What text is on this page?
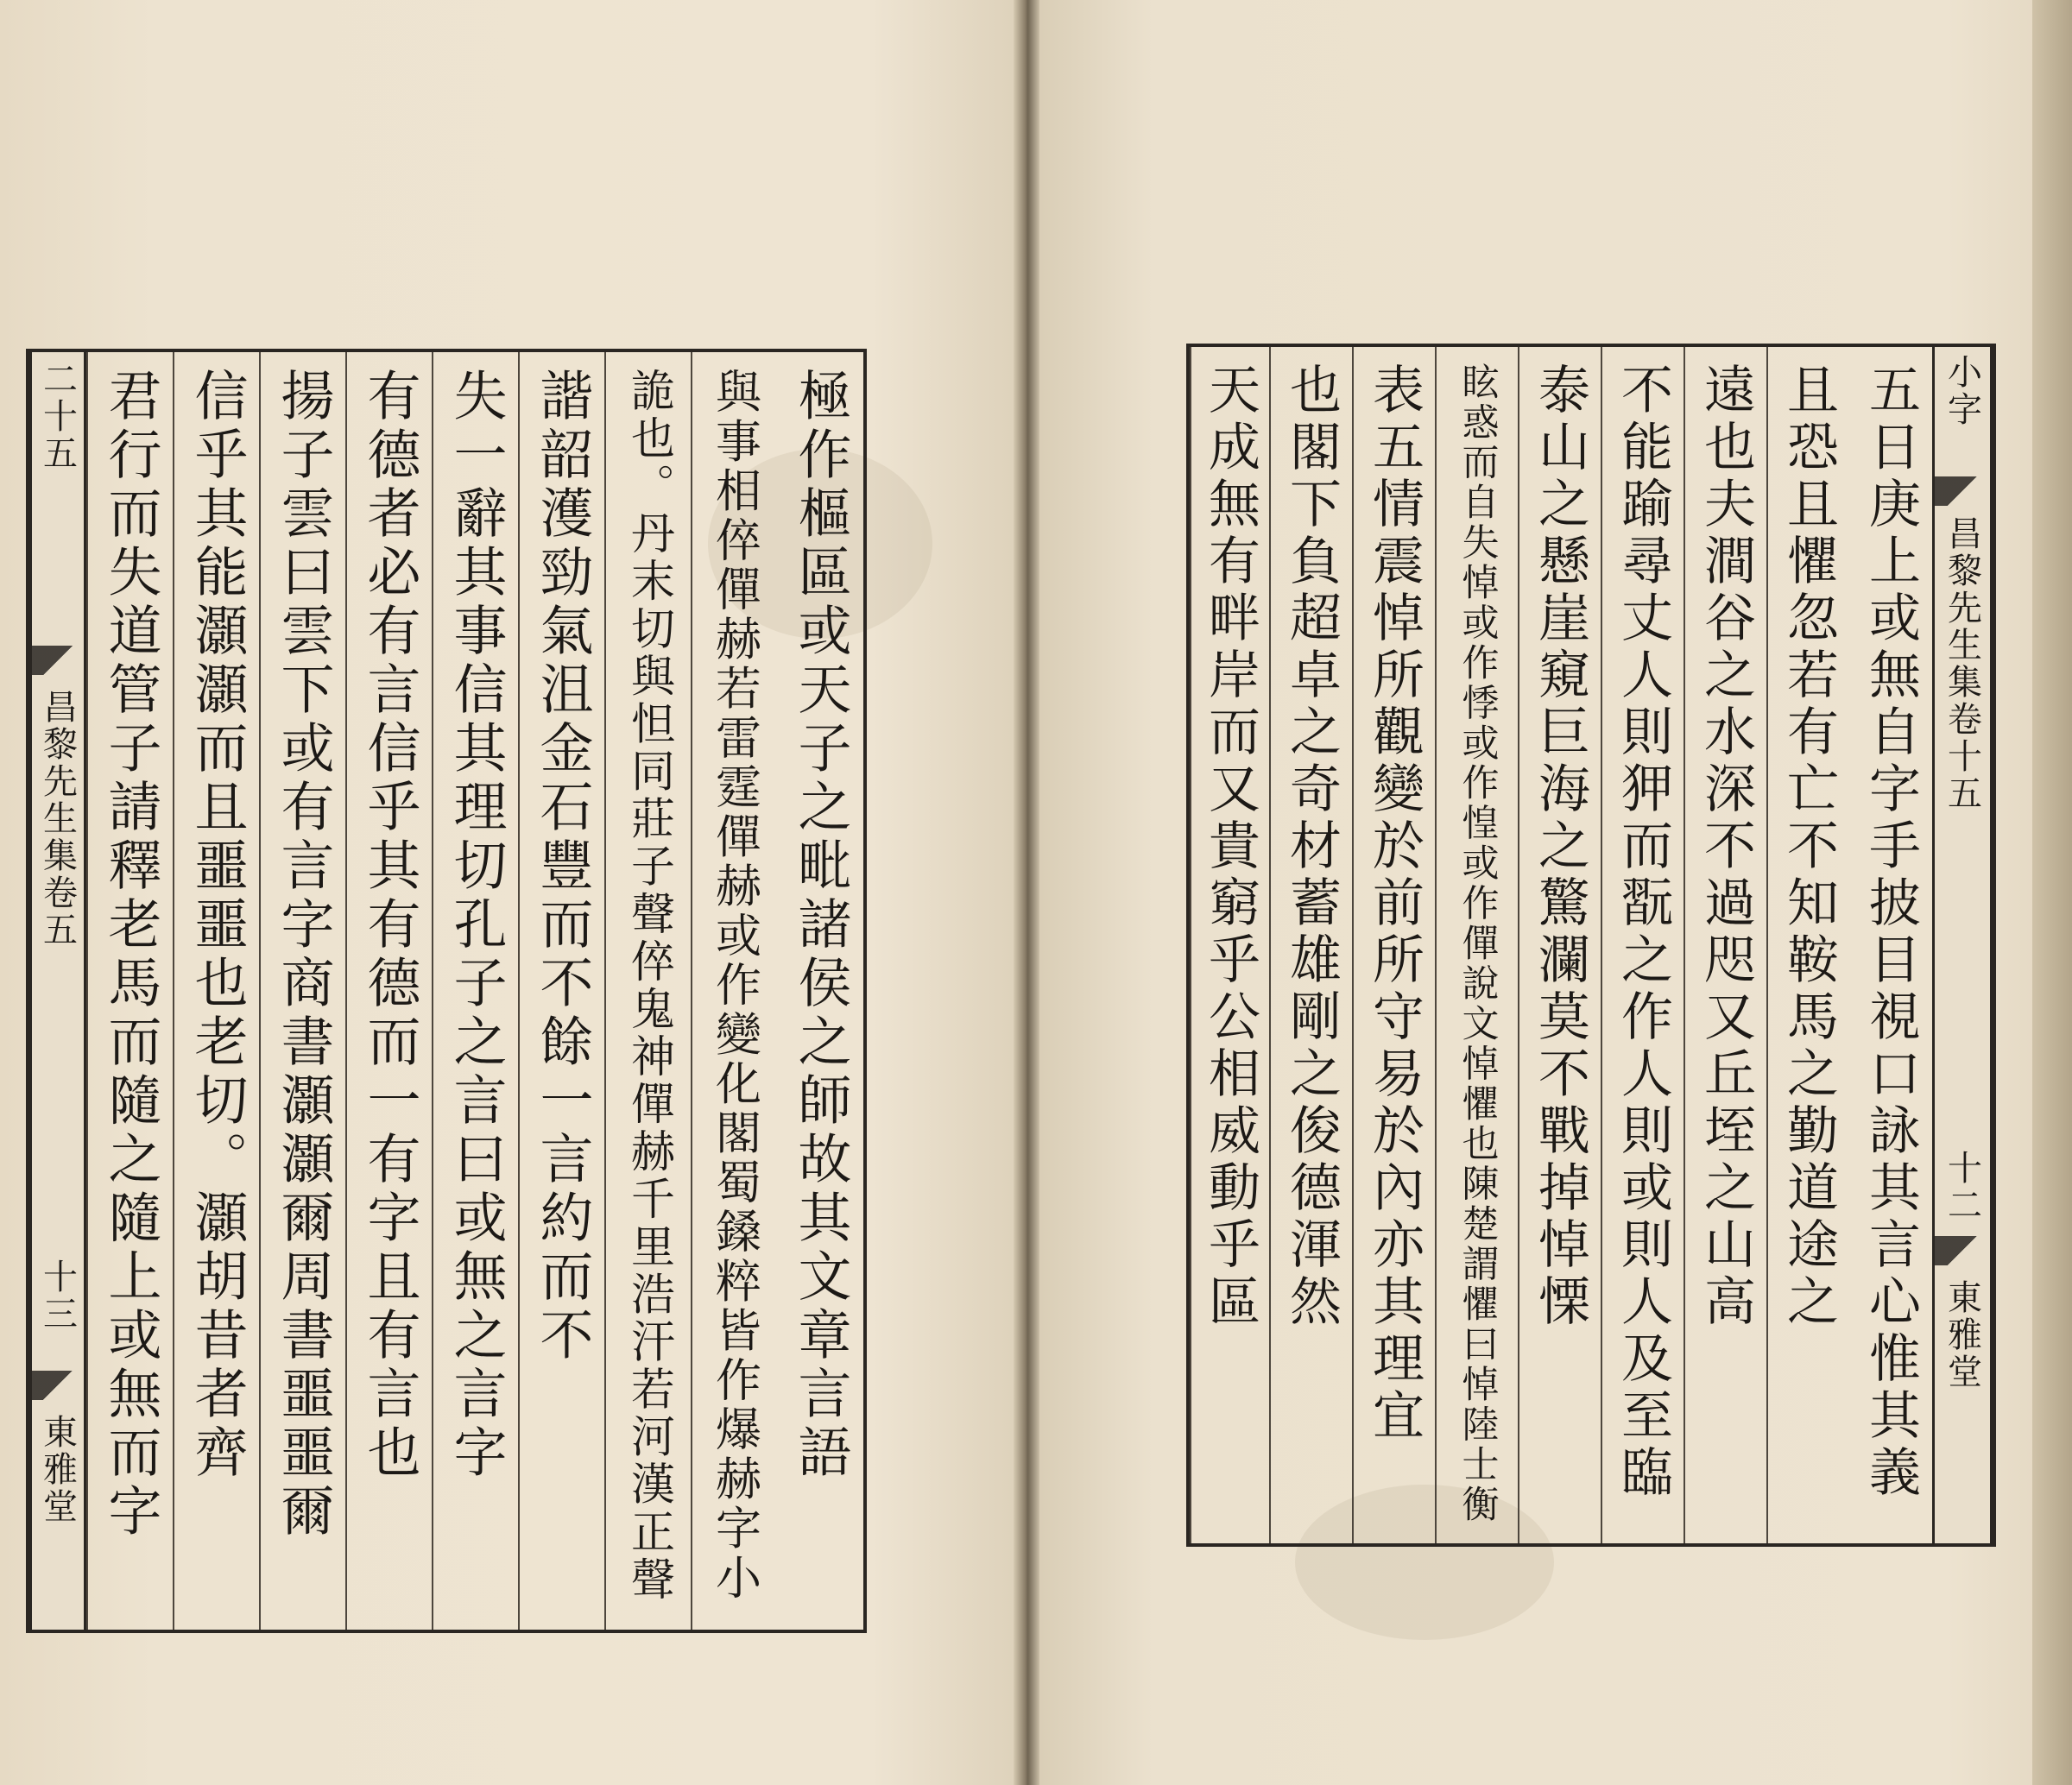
極作樞區或天子之毗諸侯之師故其文章言語
與事相倅僤赫若雷霆僤赫或作變化閣蜀鎟粹皆作爆赫字小
詭也。丹末切與怛同莊子聲倅鬼神僤赫千里浩汗若河漢正聲
諧韶濩勁氣沮金石豐而不餘一言約而不
失一辭其事信其理切孔子之言曰或無之言字
有德者必有言信乎其有德而一有字且有言也
揚子雲曰雲下或有言字商書灝灝爾周書噩噩爾
信乎其能灝灝而且噩噩也老切。灝胡昔者齊
君行而失道管子請釋老馬而隨之隨上或無而字
二十五
昌黎先生集卷五
十三
東雅堂
小字
昌黎先生集卷十五
十二
東雅堂
五日庚上或無自字手披目視口詠其言心惟其義
且恐且懼忽若有亡不知鞍馬之勤道途之
遠也夫澗谷之水深不過咫又丘垤之山高
不能踰尋丈人則狎而翫之作人則或則人及至臨
泰山之懸崖窺巨海之驚瀾莫不戰掉悼慄
眩惑而自失悼或作悸或作惶或作僤說文悼懼也陳楚謂懼曰悼陸士衡
表五情震悼所觀變於前所守易於內亦其理宜
也閣下負超卓之奇材蓄雄剛之俊德渾然
天成無有畔岸而又貴窮乎公相威動乎區
